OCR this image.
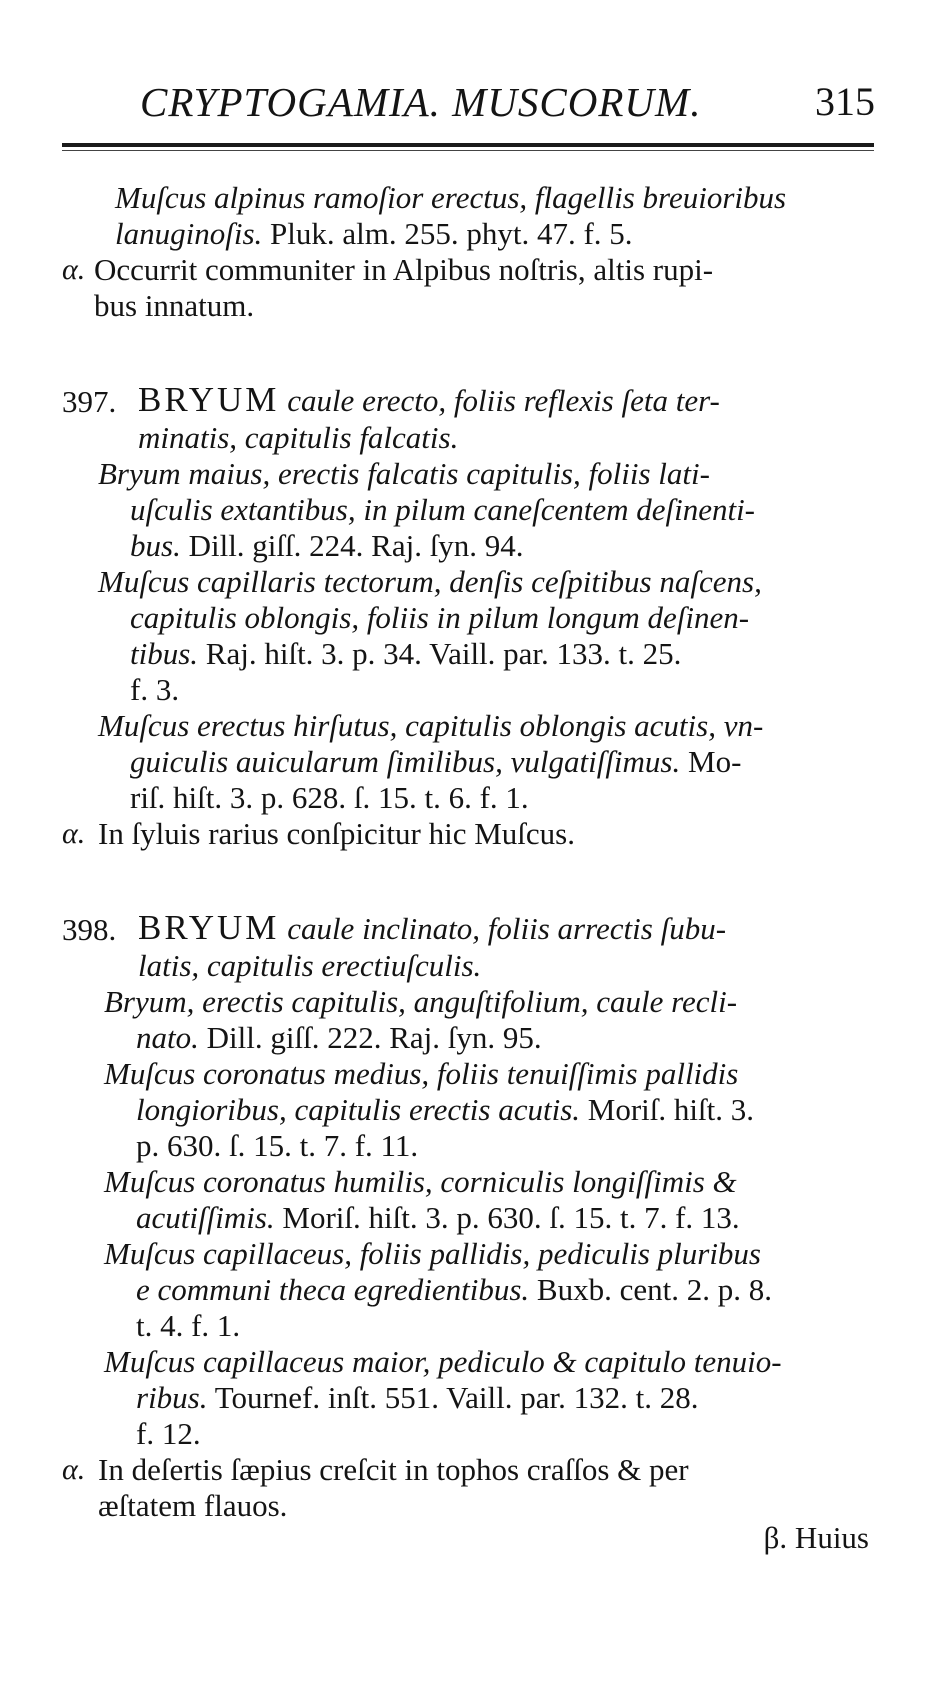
CRYPTOGAMIA. MUSCORUM.	315
Muſcus alpinus ramoſior erectus, flagellis breuioribus
lanuginoſis. Pluk. alm. 255. phyt. 47. f. 5.
α. Occurrit communiter in Alpibus noſtris, altis rupi-
bus innatum.
397. BRYUM caule erecto, foliis reflexis ſeta ter-
minatis, capitulis falcatis.
Bryum maius, erectis falcatis capitulis, foliis lati-
uſculis extantibus, in pilum caneſcentem deſinenti-
bus. Dill. giſſ. 224. Raj. ſyn. 94.
Muſcus capillaris tectorum, denſis ceſpitibus naſcens,
capitulis oblongis, foliis in pilum longum deſinen-
tibus. Raj. hiſt. 3. p. 34. Vaill. par. 133. t. 25.
f. 3.
Muſcus erectus hirſutus, capitulis oblongis acutis, vn-
guiculis auicularum ſimilibus, vulgatiſſimus. Mo-
riſ. hiſt. 3. p. 628. ſ. 15. t. 6. f. 1.
α. In ſyluis rarius conſpicitur hic Muſcus.
398. BRYUM caule inclinato, foliis arrectis ſubu-
latis, capitulis erectiuſculis.
Bryum, erectis capitulis, anguſtifolium, caule recli-
nato. Dill. giſſ. 222. Raj. ſyn. 95.
Muſcus coronatus medius, foliis tenuiſſimis pallidis
longioribus, capitulis erectis acutis. Moriſ. hiſt. 3.
p. 630. ſ. 15. t. 7. f. 11.
Muſcus coronatus humilis, corniculis longiſſimis &
acutiſſimis. Moriſ. hiſt. 3. p. 630. ſ. 15. t. 7. f. 13.
Muſcus capillaceus, foliis pallidis, pediculis pluribus
e communi theca egredientibus. Buxb. cent. 2. p. 8.
t. 4. f. 1.
Muſcus capillaceus maior, pediculo & capitulo tenuio-
ribus. Tournef. inſt. 551. Vaill. par. 132. t. 28.
f. 12.
α. In deſertis ſæpius creſcit in tophos craſſos & per
æſtatem flauos.
β. Huius
